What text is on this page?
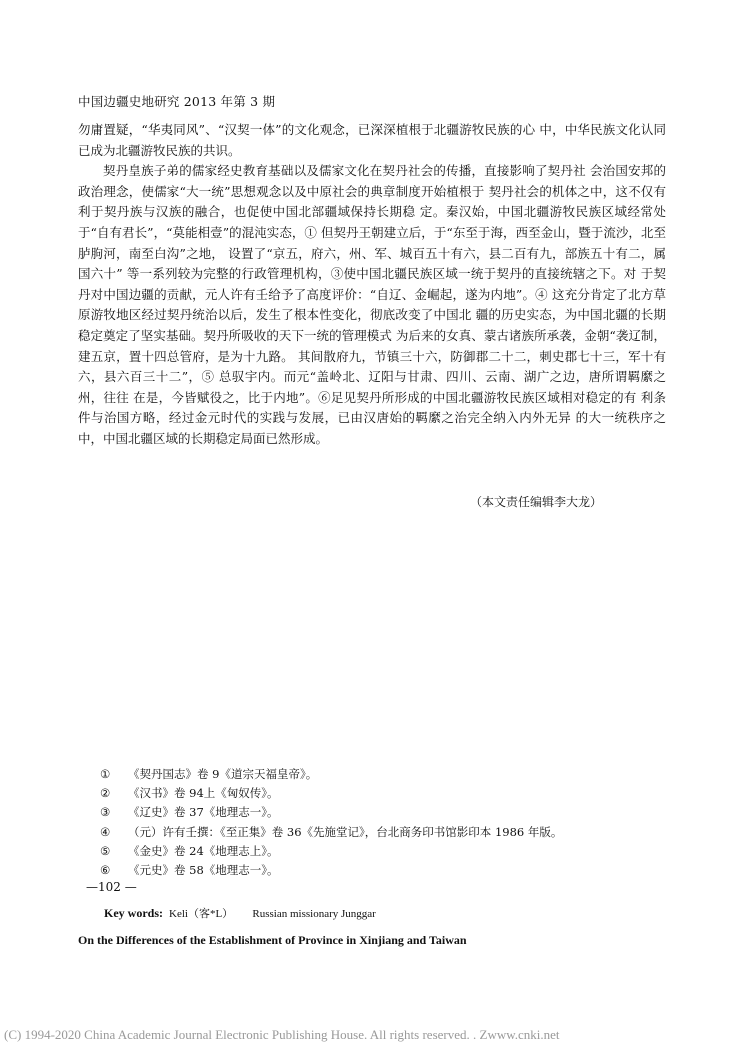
中国边疆史地研究 2013 年第 3 期

勿庸置疑，“华夷同风”、“汉契一体”的文化观念，已深深植根于北疆游牧民族的心 中，中华民族文化认同已成为北疆游牧民族的共识。

契丹皇族子弟的儒家经史教育基础以及儒家文化在契丹社会的传播，直接影响了契丹社 会治国安邦的政治理念，使儒家“大一统”思想观念以及中原社会的典章制度开始植根于 契丹社会的机体之中，这不仅有利于契丹族与汉族的融合，也促使中国北部疆域保持长期稳 定。秦汉始，中国北疆游牧民族区域经常处于“自有君长”，“莫能相壹”的混沌实态，① 但契丹王朝建立后，于“东至于海，西至金山，暨于流沙，北至胪朐河，南至白沟”之地， 设置了“京五，府六，州、军、城百五十有六，县二百有九，部族五十有二，属国六十” 等一系列较为完整的行政管理机构，③使中国北疆民族区域一统于契丹的直接统辖之下。对 于契丹对中国边疆的贡献，元人许有壬给予了高度评价：“自辽、金崛起，遂为内地”。④ 这充分肯定了北方草原游牧地区经过契丹统治以后，发生了根本性变化，彻底改变了中国北 疆的历史实态，为中国北疆的长期稳定奠定了坚实基础。契丹所吸收的天下一统的管理模式 为后来的女真、蒙古诸族所承袭，金朝“袭辽制，建五京，置十四总管府，是为十九路。 其间散府九，节镇三十六，防御郡二十二，刺史郡七十三，军十有六，县六百三十二”，⑤ 总驭宇内。而元“盖岭北、辽阳与甘肃、四川、云南、湖广之边，唐所谓羁縻之州，往往 在是，今皆赋役之，比于内地”。⑥足见契丹所形成的中国北疆游牧民族区域相对稳定的有 利条件与治国方略，经过金元时代的实践与发展，已由汉唐始的羁縻之治完全纳入内外无异 的大一统秩序之中，中国北疆区域的长期稳定局面已然形成。

（本文责任编辑李大龙）
①	《契丹国志》卷 9《道宗天福皇帝》。
②	《汉书》卷 94上《匈奴传》。
③	《辽史》卷 37《地理志一》。
④	（元）许有壬撰：《至正集》卷 36《先施堂记》，台北商务印书馆影印本 1986 年版。
⑤	《金史》卷 24《地理志上》。
⑥	《元史》卷 58《地理志一》。
—102 —
Key words: Keli（客*L）       Russian missionary Junggar
On the Differences of the Establishment of Province in Xinjiang and Taiwan
(C) 1994-2020 China Academic Journal Electronic Publishing House. All rights reserved. . Zwww.cnki.net
